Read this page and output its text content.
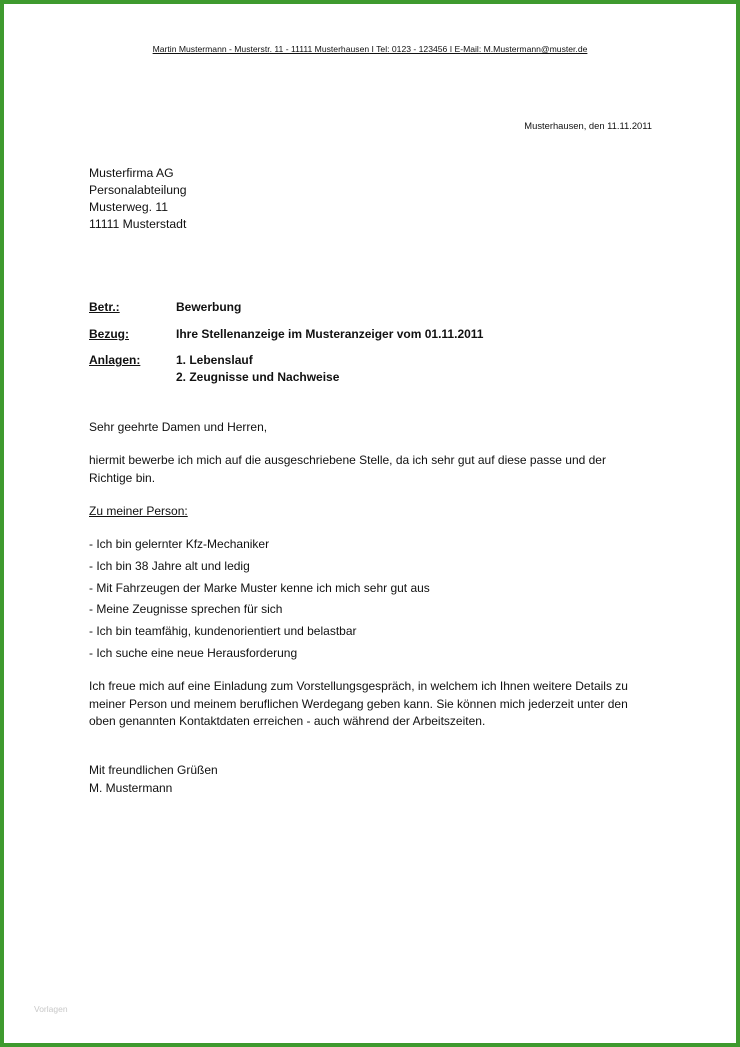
Martin Mustermann - Musterstr. 11 - 11111 Musterhausen I Tel: 0123 - 123456 I E-Mail: M.Mustermann@muster.de
Musterhausen, den 11.11.2011
Musterfirma AG
Personalabteilung
Musterweg. 11
11111 Musterstadt
Betr.:	Bewerbung
Bezug:	Ihre Stellenanzeige im Musteranzeiger vom 01.11.2011
Anlagen:	1. Lebenslauf
2. Zeugnisse und Nachweise
Sehr geehrte Damen und Herren,
hiermit bewerbe ich mich auf die ausgeschriebene Stelle, da ich sehr gut auf diese passe und der Richtige bin.
Zu meiner Person:
- Ich bin gelernter Kfz-Mechaniker
- Ich bin 38 Jahre alt und ledig
- Mit Fahrzeugen der Marke Muster kenne ich mich sehr gut aus
- Meine Zeugnisse sprechen für sich
- Ich bin teamfähig, kundenorientiert und belastbar
- Ich suche eine neue Herausforderung
Ich freue mich auf eine Einladung zum Vorstellungsgespräch, in welchem ich Ihnen weitere Details zu meiner Person und meinem beruflichen Werdegang geben kann. Sie können mich jederzeit unter den oben genannten Kontaktdaten erreichen - auch während der Arbeitszeiten.
Mit freundlichen Grüßen
M. Mustermann
Vorlagen
